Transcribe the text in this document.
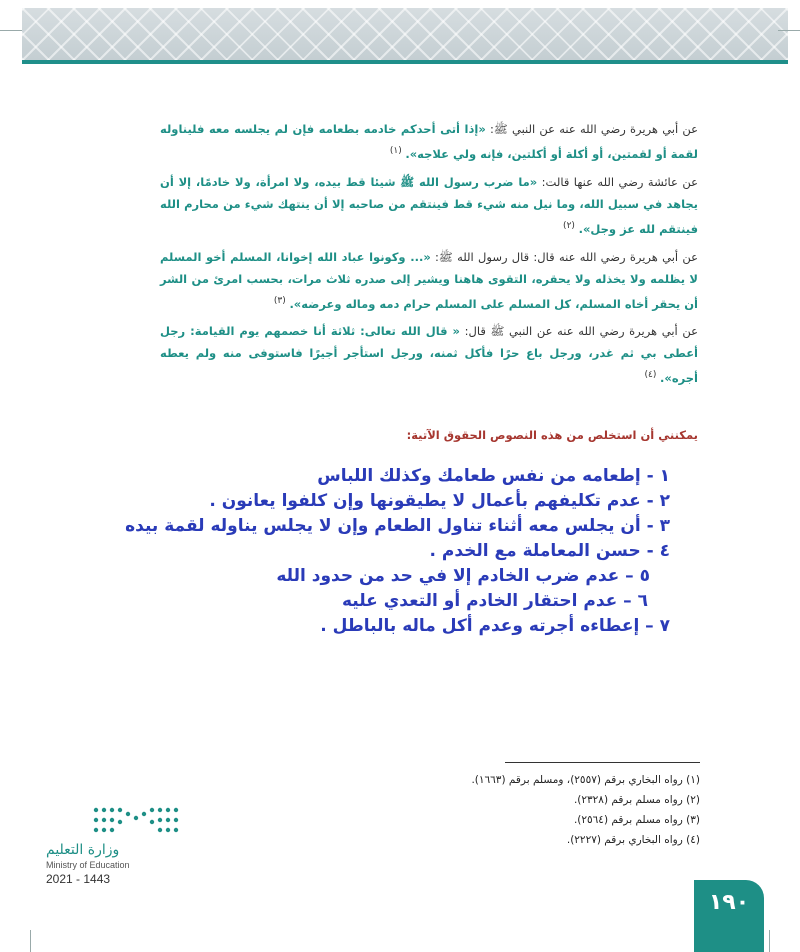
عن أبي هريرة رضي الله عنه عن النبي ﷺ: «إذا أتى أحدكم خادمه بطعامه فإن لم يجلسه معه فليناوله لقمة أو لقمتين، أو أكلة أو أكلتين، فإنه ولي علاجه». $^{(١)}$

عن عائشة رضي الله عنها قالت: «ما ضرب رسول الله ﷺ شيئا قط بيده، ولا امرأة، ولا خادمًا، إلا أن يجاهد في سبيل الله، وما نيل منه شيء قط فينتقم من صاحبه إلا أن ينتهك شيء من محارم الله فينتقم لله عز وجل». $^{(٢)}$

عن أبي هريرة رضي الله عنه قال: قال رسول الله ﷺ: «... وكونوا عباد الله إخوانا، المسلم أخو المسلم لا يظلمه ولا يخذله ولا يحقره، التقوى هاهنا ويشير إلى صدره ثلاث مرات، بحسب امرئ من الشر أن يحقر أخاه المسلم، كل المسلم على المسلم حرام دمه وماله وعرضه». $^{(٣)}$

عن أبي هريرة رضي الله عنه عن النبي ﷺ قال: « قال الله تعالى: ثلاثة أنا خصمهم يوم القيامة: رجل أعطى بي ثم غدر، ورجل باع حرًا فأكل ثمنه، ورجل استأجر أجيرًا فاستوفى منه ولم يعطه أجره». $^{(٤)}$

يمكنني أن استخلص من هذه النصوص الحقوق الآتية:
١ - إطعامه من نفس طعامك وكذلك اللباس
٢ - عدم تكليفهم بأعمال لا يطيقونها وإن كلفوا يعانون .
٣ - أن يجلس معه أثناء تناول الطعام وإن لا يجلس يناوله لقمة بيده
٤ - حسن المعاملة مع الخدم .
٥ – عدم ضرب الخادم إلا في حد من حدود الله
٦ – عدم احتقار الخادم أو التعدي عليه
٧ – إعطاءه أجرته وعدم أكل ماله بالباطل .
(١) رواه البخاري برقم (٢٥٥٧)، ومسلم برقم (١٦٦٣).
(٢) رواه مسلم برقم (٢٣٢٨).
(٣) رواه مسلم برقم (٢٥٦٤).
(٤) رواه البخاري برقم (٢٢٢٧).
وزارة التعليم
Ministry of Education
2021 - 1443
١٩٠
